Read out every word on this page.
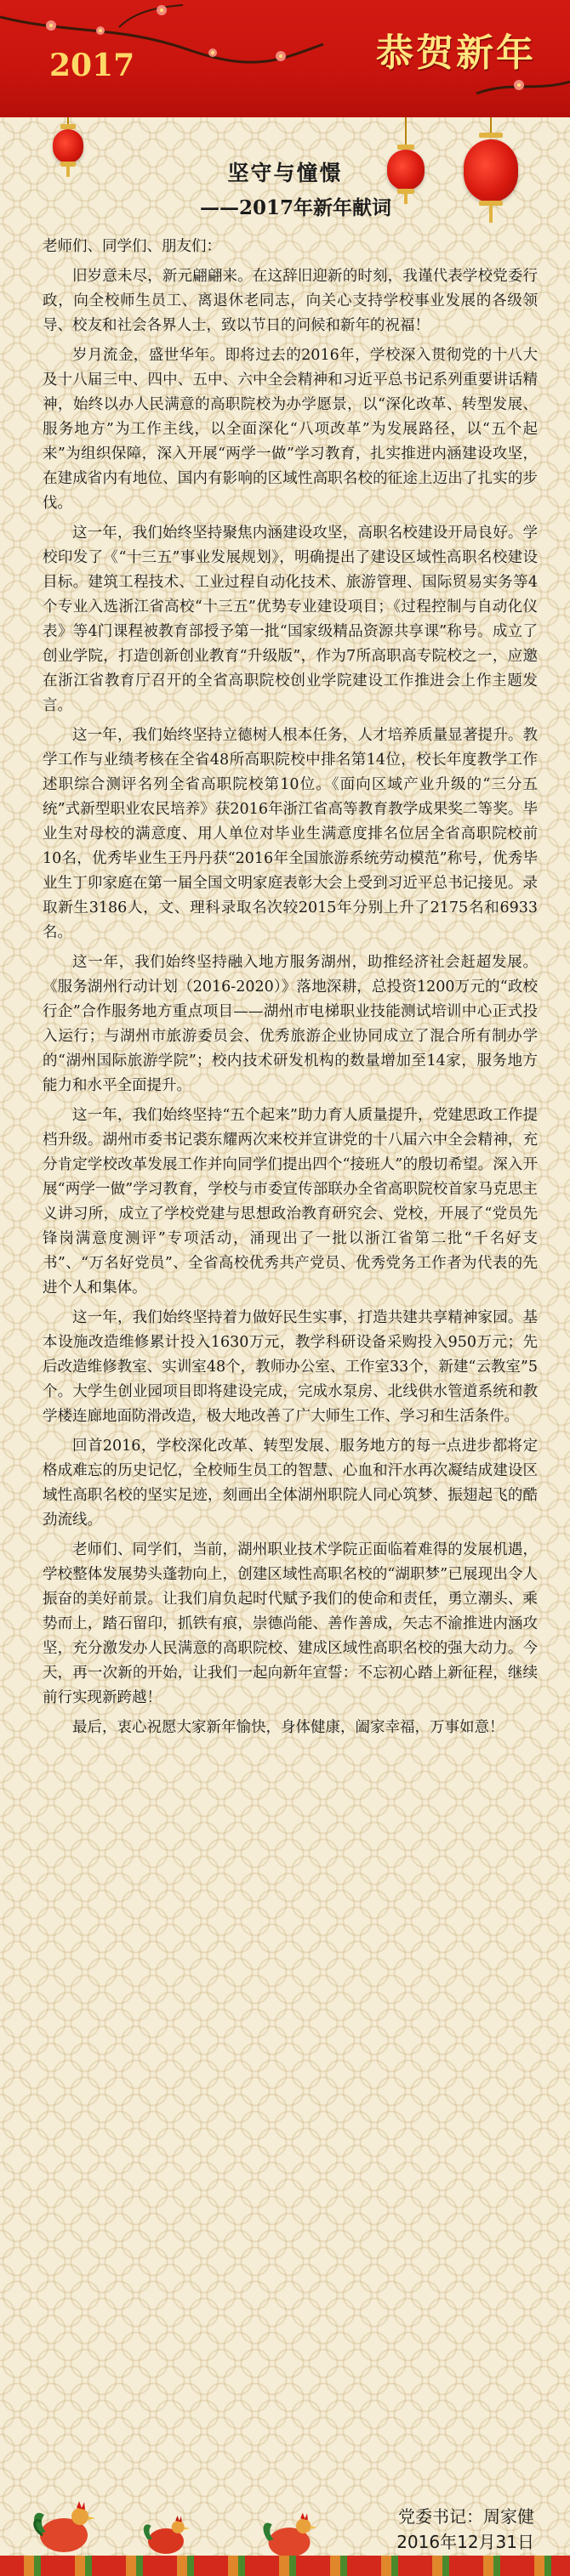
2017	恭贺新年
坚守与憧憬
——2017年新年献词

老师们、同学们、朋友们：

旧岁意未尽，新元翩翩来。在这辞旧迎新的时刻，我谨代表学校党委行政，向全校师生员工、离退休老同志，向关心支持学校事业发展的各级领导、校友和社会各界人士，致以节日的问候和新年的祝福！

岁月流金，盛世华年。即将过去的2016年，学校深入贯彻党的十八大及十八届三中、四中、五中、六中全会精神和习近平总书记系列重要讲话精神，始终以办人民满意的高职院校为办学愿景，以“深化改革、转型发展、服务地方”为工作主线，以全面深化“八项改革”为发展路径，以“五个起来”为组织保障，深入开展“两学一做”学习教育，扎实推进内涵建设攻坚，在建成省内有地位、国内有影响的区域性高职名校的征途上迈出了扎实的步伐。

这一年，我们始终坚持聚焦内涵建设攻坚，高职名校建设开局良好。学校印发了《“十三五”事业发展规划》，明确提出了建设区域性高职名校建设目标。建筑工程技术、工业过程自动化技术、旅游管理、国际贸易实务等4个专业入选浙江省高校“十三五”优势专业建设项目；《过程控制与自动化仪表》等4门课程被教育部授予第一批“国家级精品资源共享课”称号。成立了创业学院，打造创新创业教育“升级版”，作为7所高职高专院校之一，应邀在浙江省教育厅召开的全省高职院校创业学院建设工作推进会上作主题发言。

这一年，我们始终坚持立德树人根本任务，人才培养质量显著提升。教学工作与业绩考核在全省48所高职院校中排名第14位，校长年度教学工作述职综合测评名列全省高职院校第10位。《面向区域产业升级的“三分五统”式新型职业农民培养》获2016年浙江省高等教育教学成果奖二等奖。毕业生对母校的满意度、用人单位对毕业生满意度排名位居全省高职院校前10名，优秀毕业生王丹丹获“2016年全国旅游系统劳动模范”称号，优秀毕业生丁卯家庭在第一届全国文明家庭表彰大会上受到习近平总书记接见。录取新生3186人，文、理科录取名次较2015年分别上升了2175名和6933名。

这一年，我们始终坚持融入地方服务湖州，助推经济社会赶超发展。《服务湖州行动计划（2016-2020）》落地深耕，总投资1200万元的“政校行企”合作服务地方重点项目——湖州市电梯职业技能测试培训中心正式投入运行；与湖州市旅游委员会、优秀旅游企业协同成立了混合所有制办学的“湖州国际旅游学院”；校内技术研发机构的数量增加至14家，服务地方能力和水平全面提升。

这一年，我们始终坚持“五个起来”助力育人质量提升，党建思政工作提档升级。湖州市委书记裘东耀两次来校并宣讲党的十八届六中全会精神，充分肯定学校改革发展工作并向同学们提出四个“接班人”的殷切希望。深入开展“两学一做”学习教育，学校与市委宣传部联办全省高职院校首家马克思主义讲习所，成立了学校党建与思想政治教育研究会、党校，开展了“党员先锋岗满意度测评”专项活动，涌现出了一批以浙江省第二批“千名好支书”、“万名好党员”、全省高校优秀共产党员、优秀党务工作者为代表的先进个人和集体。

这一年，我们始终坚持着力做好民生实事，打造共建共享精神家园。基本设施改造维修累计投入1630万元，教学科研设备采购投入950万元；先后改造维修教室、实训室48个，教师办公室、工作室33个，新建“云教室”5个。大学生创业园项目即将建设完成，完成水泵房、北线供水管道系统和教学楼连廊地面防滑改造，极大地改善了广大师生工作、学习和生活条件。

回首2016，学校深化改革、转型发展、服务地方的每一点进步都将定格成难忘的历史记忆，全校师生员工的智慧、心血和汗水再次凝结成建设区域性高职名校的坚实足迹，刻画出全体湖州职院人同心筑梦、振翅起飞的酷劲流线。

老师们、同学们，当前，湖州职业技术学院正面临着难得的发展机遇，学校整体发展势头蓬勃向上，创建区域性高职名校的“湖职梦”已展现出令人振奋的美好前景。让我们肩负起时代赋予我们的使命和责任，勇立潮头、乘势而上，踏石留印，抓铁有痕，崇德尚能、善作善成，矢志不渝推进内涵攻坚，充分激发办人民满意的高职院校、建成区域性高职名校的强大动力。今天，再一次新的开始，让我们一起向新年宣誓：不忘初心踏上新征程，继续前行实现新跨越！

最后，衷心祝愿大家新年愉快，身体健康，阖家幸福，万事如意！

党委书记：周家健
2016年12月31日
